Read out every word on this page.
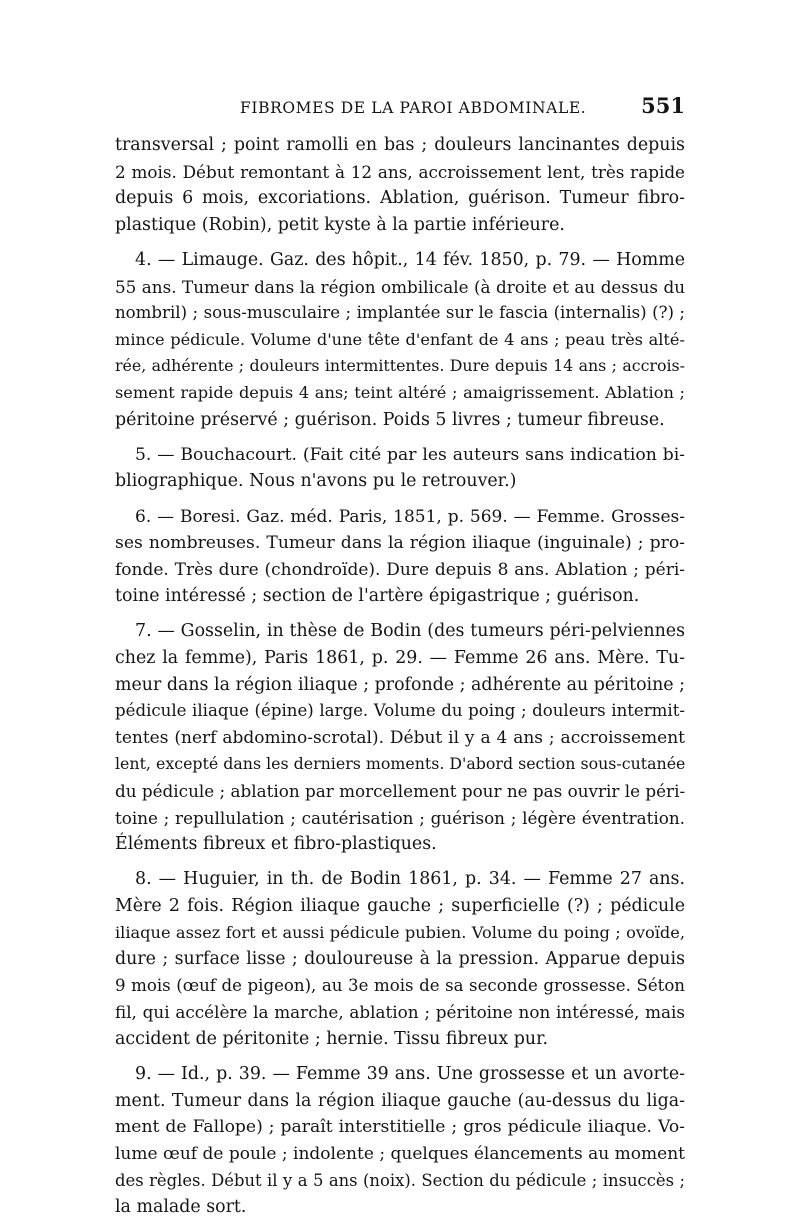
FIBROMES DE LA PAROI ABDOMINALE.	551
transversal ; point ramolli en bas ; douleurs lancinantes depuis
2 mois. Début remontant à 12 ans, accroissement lent, très rapide
depuis 6 mois, excoriations. Ablation, guérison. Tumeur fibro-
plastique (Robin), petit kyste à la partie inférieure.
4. — Limauge. Gaz. des hôpit., 14 fév. 1850, p. 79. — Homme
55 ans. Tumeur dans la région ombilicale (à droite et au dessus du
nombril) ; sous-musculaire ; implantée sur le fascia (internalis) (?) ;
mince pédicule. Volume d'une tête d'enfant de 4 ans ; peau très alté-
rée, adhérente ; douleurs intermittentes. Dure depuis 14 ans ; accrois-
sement rapide depuis 4 ans; teint altéré ; amaigrissement. Ablation ;
péritoine préservé ; guérison. Poids 5 livres ; tumeur fibreuse.
5. — Bouchacourt. (Fait cité par les auteurs sans indication bi-
bliographique. Nous n'avons pu le retrouver.)
6. — Boresi. Gaz. méd. Paris, 1851, p. 569. — Femme. Grosses-
ses nombreuses. Tumeur dans la région iliaque (inguinale) ; pro-
fonde. Très dure (chondroïde). Dure depuis 8 ans. Ablation ; péri-
toine intéressé ; section de l'artère épigastrique ; guérison.
7. — Gosselin, in thèse de Bodin (des tumeurs péri-pelviennes
chez la femme), Paris 1861, p. 29. — Femme 26 ans. Mère. Tu-
meur dans la région iliaque ; profonde ; adhérente au péritoine ;
pédicule iliaque (épine) large. Volume du poing ; douleurs intermit-
tentes (nerf abdomino-scrotal). Début il y a 4 ans ; accroissement
lent, excepté dans les derniers moments. D'abord section sous-cutanée
du pédicule ; ablation par morcellement pour ne pas ouvrir le péri-
toine ; repullulation ; cautérisation ; guérison ; légère éventration.
Éléments fibreux et fibro-plastiques.
8. — Huguier, in th. de Bodin 1861, p. 34. — Femme 27 ans.
Mère 2 fois. Région iliaque gauche ; superficielle (?) ; pédicule
iliaque assez fort et aussi pédicule pubien. Volume du poing ; ovoïde,
dure ; surface lisse ; douloureuse à la pression. Apparue depuis
9 mois (œuf de pigeon), au 3e mois de sa seconde grossesse. Séton
fil, qui accélère la marche, ablation ; péritoine non intéressé, mais
accident de péritonite ; hernie. Tissu fibreux pur.
9. — Id., p. 39. — Femme 39 ans. Une grossesse et un avorte-
ment. Tumeur dans la région iliaque gauche (au-dessus du liga-
ment de Fallope) ; paraît interstitielle ; gros pédicule iliaque. Vo-
lume œuf de poule ; indolente ; quelques élancements au moment
des règles. Début il y a 5 ans (noix). Section du pédicule ; insuccès ;
la malade sort.
